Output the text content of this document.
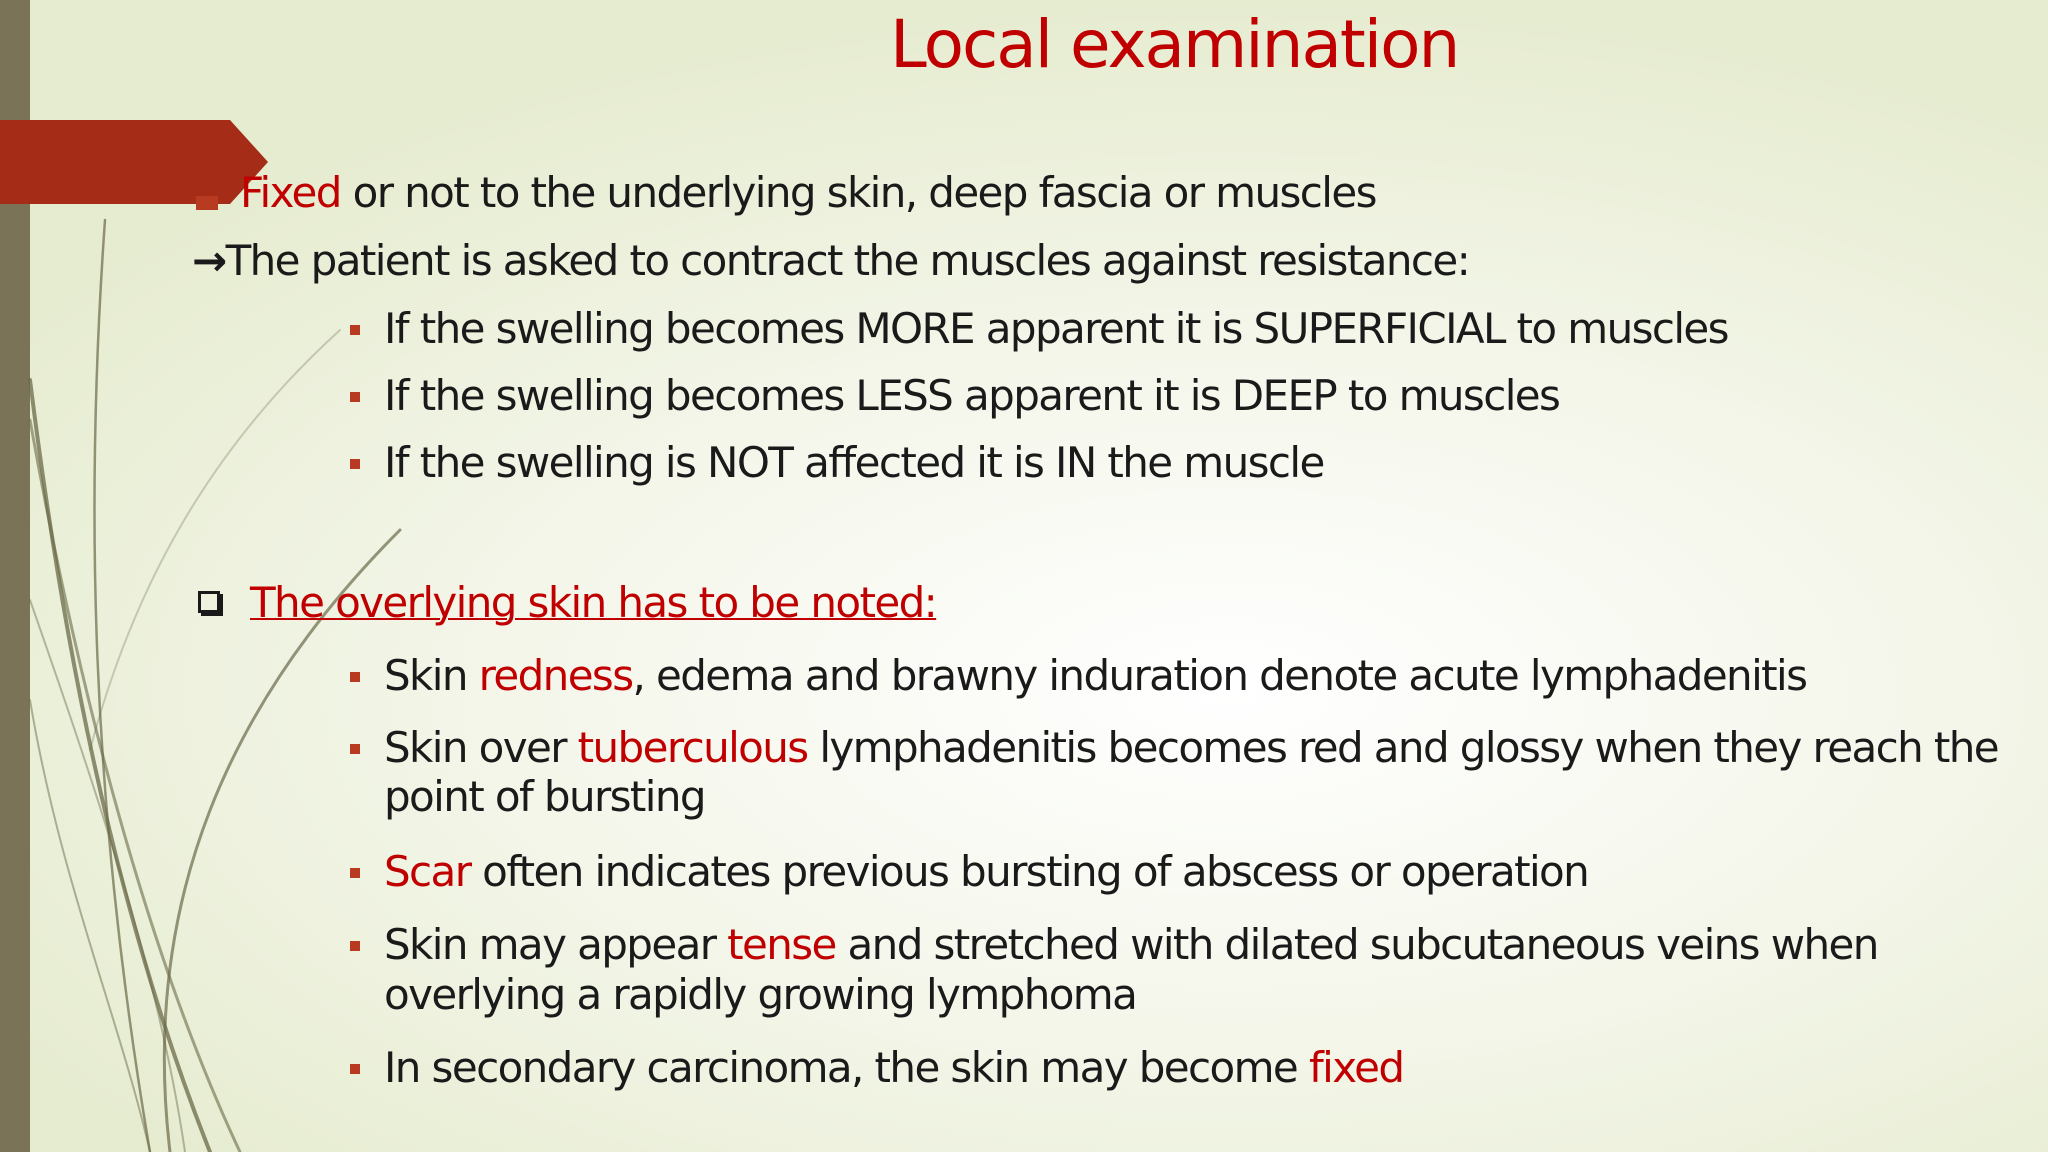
Local examination
Fixed or not to the underlying skin, deep fascia or muscles
→The patient is asked to contract the muscles against resistance:
If the swelling becomes MORE apparent it is SUPERFICIAL to muscles
If the swelling becomes LESS apparent it is DEEP to muscles
If the swelling is NOT affected it is IN the muscle
The overlying skin has to be noted:
Skin redness, edema and brawny induration denote acute lymphadenitis
Skin over tuberculous lymphadenitis becomes red and glossy when they reach the
point of bursting
Scar often indicates previous bursting of abscess or operation
Skin may appear tense and stretched with dilated subcutaneous veins when
overlying a rapidly growing lymphoma
In secondary carcinoma, the skin may become fixed
